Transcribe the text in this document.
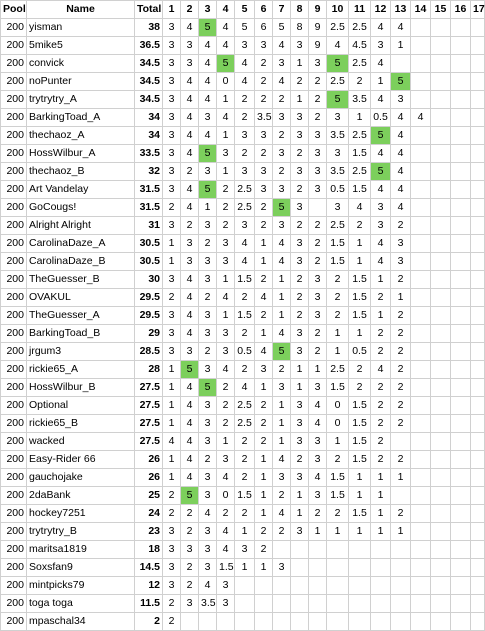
Pool	Name	Total	1	2	3	4	5	6	7	8	9	10	11	12	13	14	15	16	17
200	yisman	38	3	4	5	4	5	6	5	8	9	2.5	2.5	4	4				
200	5mike5	36.5	3	3	4	4	3	3	4	3	9	4	4.5	3	1				
200	convick	34.5	3	3	4	5	4	2	3	1	3	5	2.5	4					
200	noPunter	34.5	3	4	4	0	4	2	4	2	2	2.5	2	1	5				
200	trytrytry_A	34.5	3	4	4	1	2	2	2	1	2	5	3.5	4	3				
200	BarkingToad_A	34	3	4	3	4	2	3.5	3	3	2	3	1	0.5	4	4			
200	thechaoz_A	34	3	4	4	1	3	3	2	3	3	3.5	2.5	5	4				
200	HossWilbur_A	33.5	3	4	5	3	2	2	3	2	3	3	1.5	4	4				
200	thechaoz_B	32	3	2	3	1	3	3	2	3	3	3.5	2.5	5	4				
200	Art Vandelay	31.5	3	4	5	2	2.5	3	3	2	3	0.5	1.5	4	4				
200	GoCougs!	31.5	2	4	1	2	2.5	2	5	3		3	4	3	4				
200	Alright Alright	31	3	2	3	2	3	2	3	2	2	2.5	2	3	2				
200	CarolinaDaze_A	30.5	1	3	2	3	4	1	4	3	2	1.5	1	4	3				
200	CarolinaDaze_B	30.5	1	3	3	3	4	1	4	3	2	1.5	1	4	3				
200	TheGuesser_B	30	3	4	3	1	1.5	2	1	2	3	2	1.5	1	2				
200	OVAKUL	29.5	2	4	2	4	2	4	1	2	3	2	1.5	2	1				
200	TheGuesser_A	29.5	3	4	3	1	1.5	2	1	2	3	2	1.5	1	2				
200	BarkingToad_B	29	3	4	3	3	2	1	4	3	2	1	1	2	2				
200	jrgum3	28.5	3	3	2	3	0.5	4	5	3	2	1	0.5	2	2				
200	rickie65_A	28	1	5	3	4	2	3	2	1	1	2.5	2	4	2				
200	HossWilbur_B	27.5	1	4	5	2	4	1	3	1	3	1.5	2	2	2				
200	Optional	27.5	1	4	3	2	2.5	2	1	3	4	0	1.5	2	2				
200	rickie65_B	27.5	1	4	3	2	2.5	2	1	3	4	0	1.5	2	2				
200	wacked	27.5	4	4	3	1	2	2	1	3	3	1	1.5	2					
200	Easy-Rider 66	26	1	4	2	3	2	1	4	2	3	2	1.5	2	2				
200	gauchojake	26	1	4	3	4	2	1	3	3	4	1.5	1	1	1				
200	2daBank	25	2	5	3	0	1.5	1	2	1	3	1.5	1	1					
200	hockey7251	24	2	2	4	2	2	1	4	1	2	2	1.5	1	2				
200	trytrytry_B	23	3	2	3	4	1	2	2	3	1	1	1	1	1				
200	maritsa1819	18	3	3	3	4	3	2											
200	Soxsfan9	14.5	3	2	3	1.5	1	1	3										
200	mintpicks79	12	3	2	4	3													
200	toga toga	11.5	2	3	3.5	3													
200	mpaschal34	2	2																
